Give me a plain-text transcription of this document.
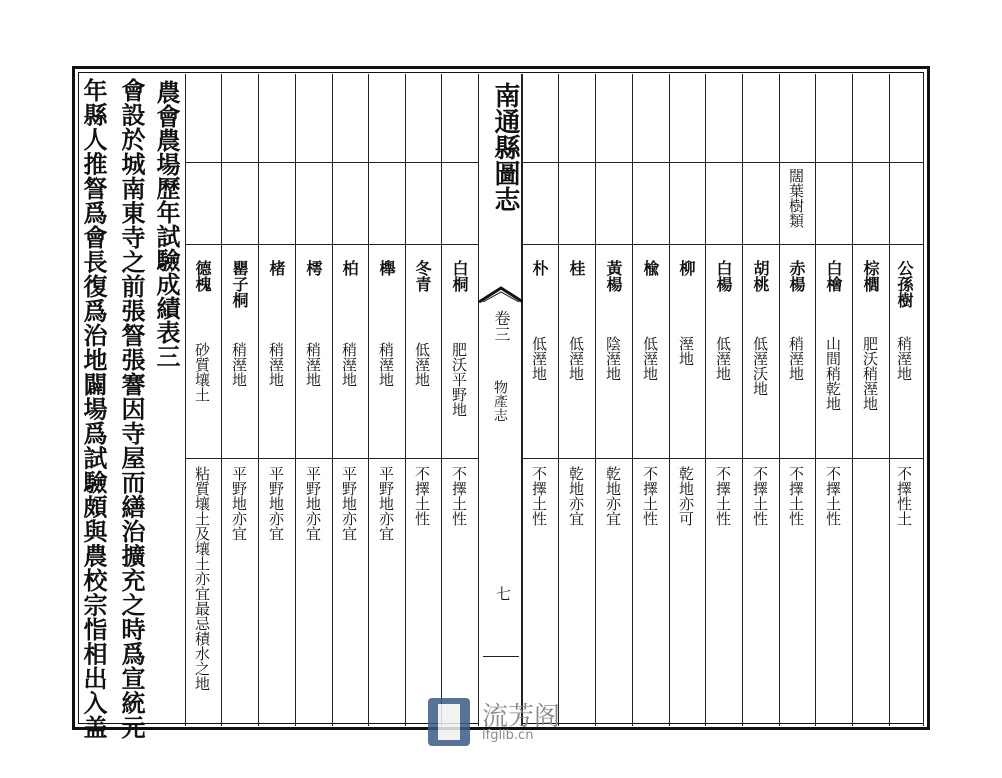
年縣人推詧爲會長復爲治地闢場爲試驗頗與農校宗恉相出入盖 會設於城南東寺之前張詧張謇因寺屋而繕治擴充之時爲宣統元 農會農場歷年試驗成績表三	白桐
肥沃平野地
不擇土性
冬青
低溼地
不擇土性
櫸
稍溼地
平野地亦宜
柏
稍溼地
平野地亦宜
樗
稍溼地
平野地亦宜
楮
稍溼地
平野地亦宜
罌子桐
稍溼地
平野地亦宜
德槐
砂質壤土
粘質壤土及壤土亦宜最忌積水之地
闊葉樹類
公孫樹
稍溼地
不擇性土
棕櫚
肥沃稍溼地
白檜
山間稍乾地
不擇土性
赤楊
稍溼地
不擇土性
胡桃
低溼沃地
不擇土性
白楊
低溼地
不擇土性
柳
溼地
乾地亦可
楡
低溼地
不擇土性
黃楊
陰溼地
乾地亦宜
桂
低溼地
乾地亦宜
朴
低溼地
不擇土性
南通縣圖志
卷三
物產志
七
流芳阁
lfglib.cn
